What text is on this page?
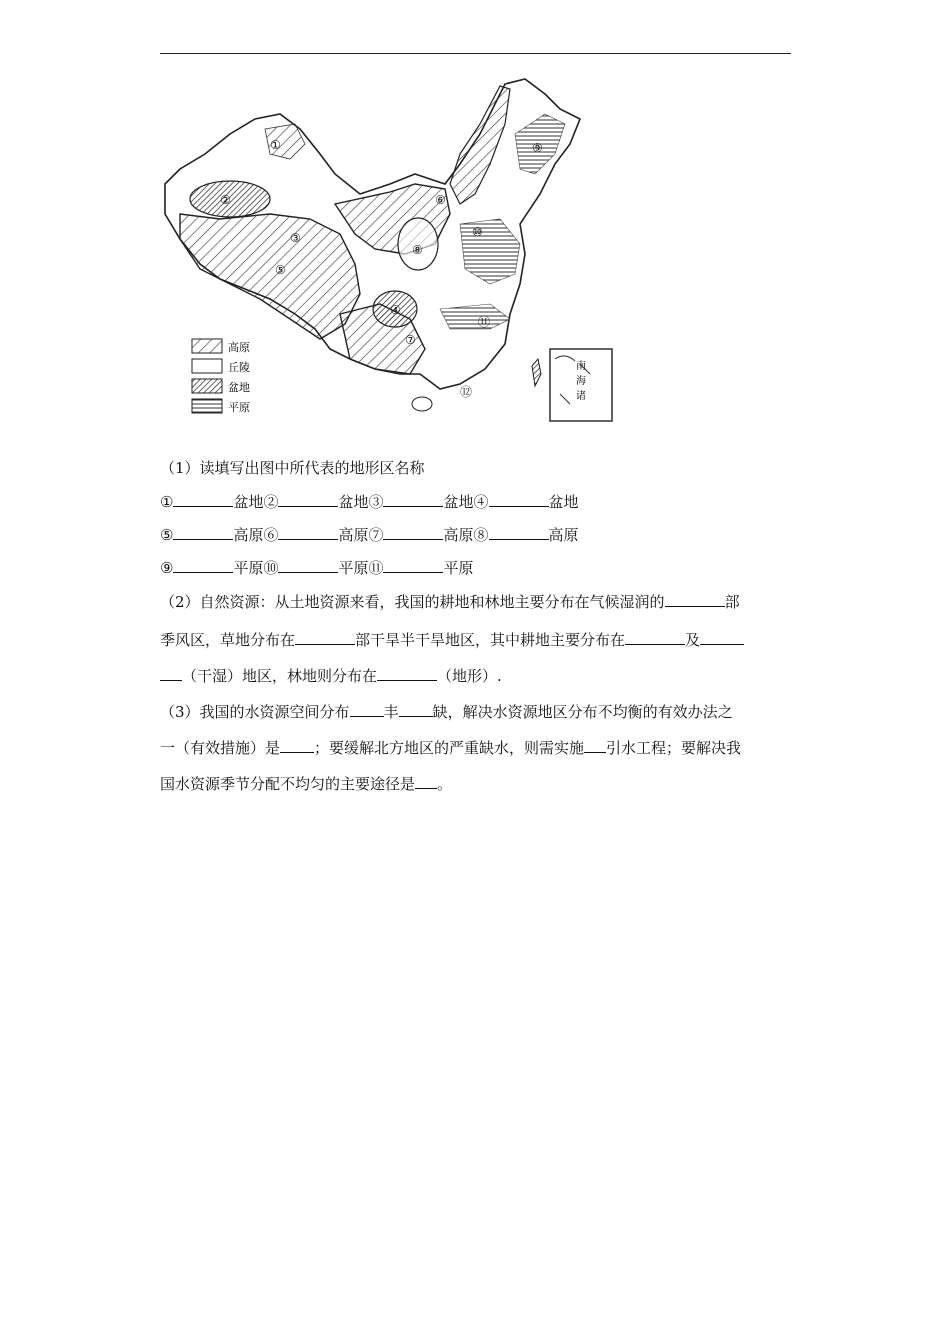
①
②
③
④
⑤
⑥
⑦
⑧
⑨
⑩
⑪
⑫
高原
丘陵
盆地
平原
南
海
诸
（1）读填写出图中所代表的地形区名称
①	盆地②	盆地③	盆地④	盆地
⑤	高原⑥	高原⑦	高原⑧	高原
⑨	平原⑩	平原⑪	平原
（2）自然资源：从土地资源来看，我国的耕地和林地主要分布在气候湿润的	部
季风区，草地分布在	部干旱半干旱地区，其中耕地主要分布在	及
（干湿）地区，林地则分布在	（地形）.
（3）我国的水资源空间分布 丰 缺，解决水资源地区分布不均衡的有效办法之
一（有效措施）是 ；要缓解北方地区的严重缺水，则需实施 引水工程；要解决我
国水资源季节分配不均匀的主要途径是 。
